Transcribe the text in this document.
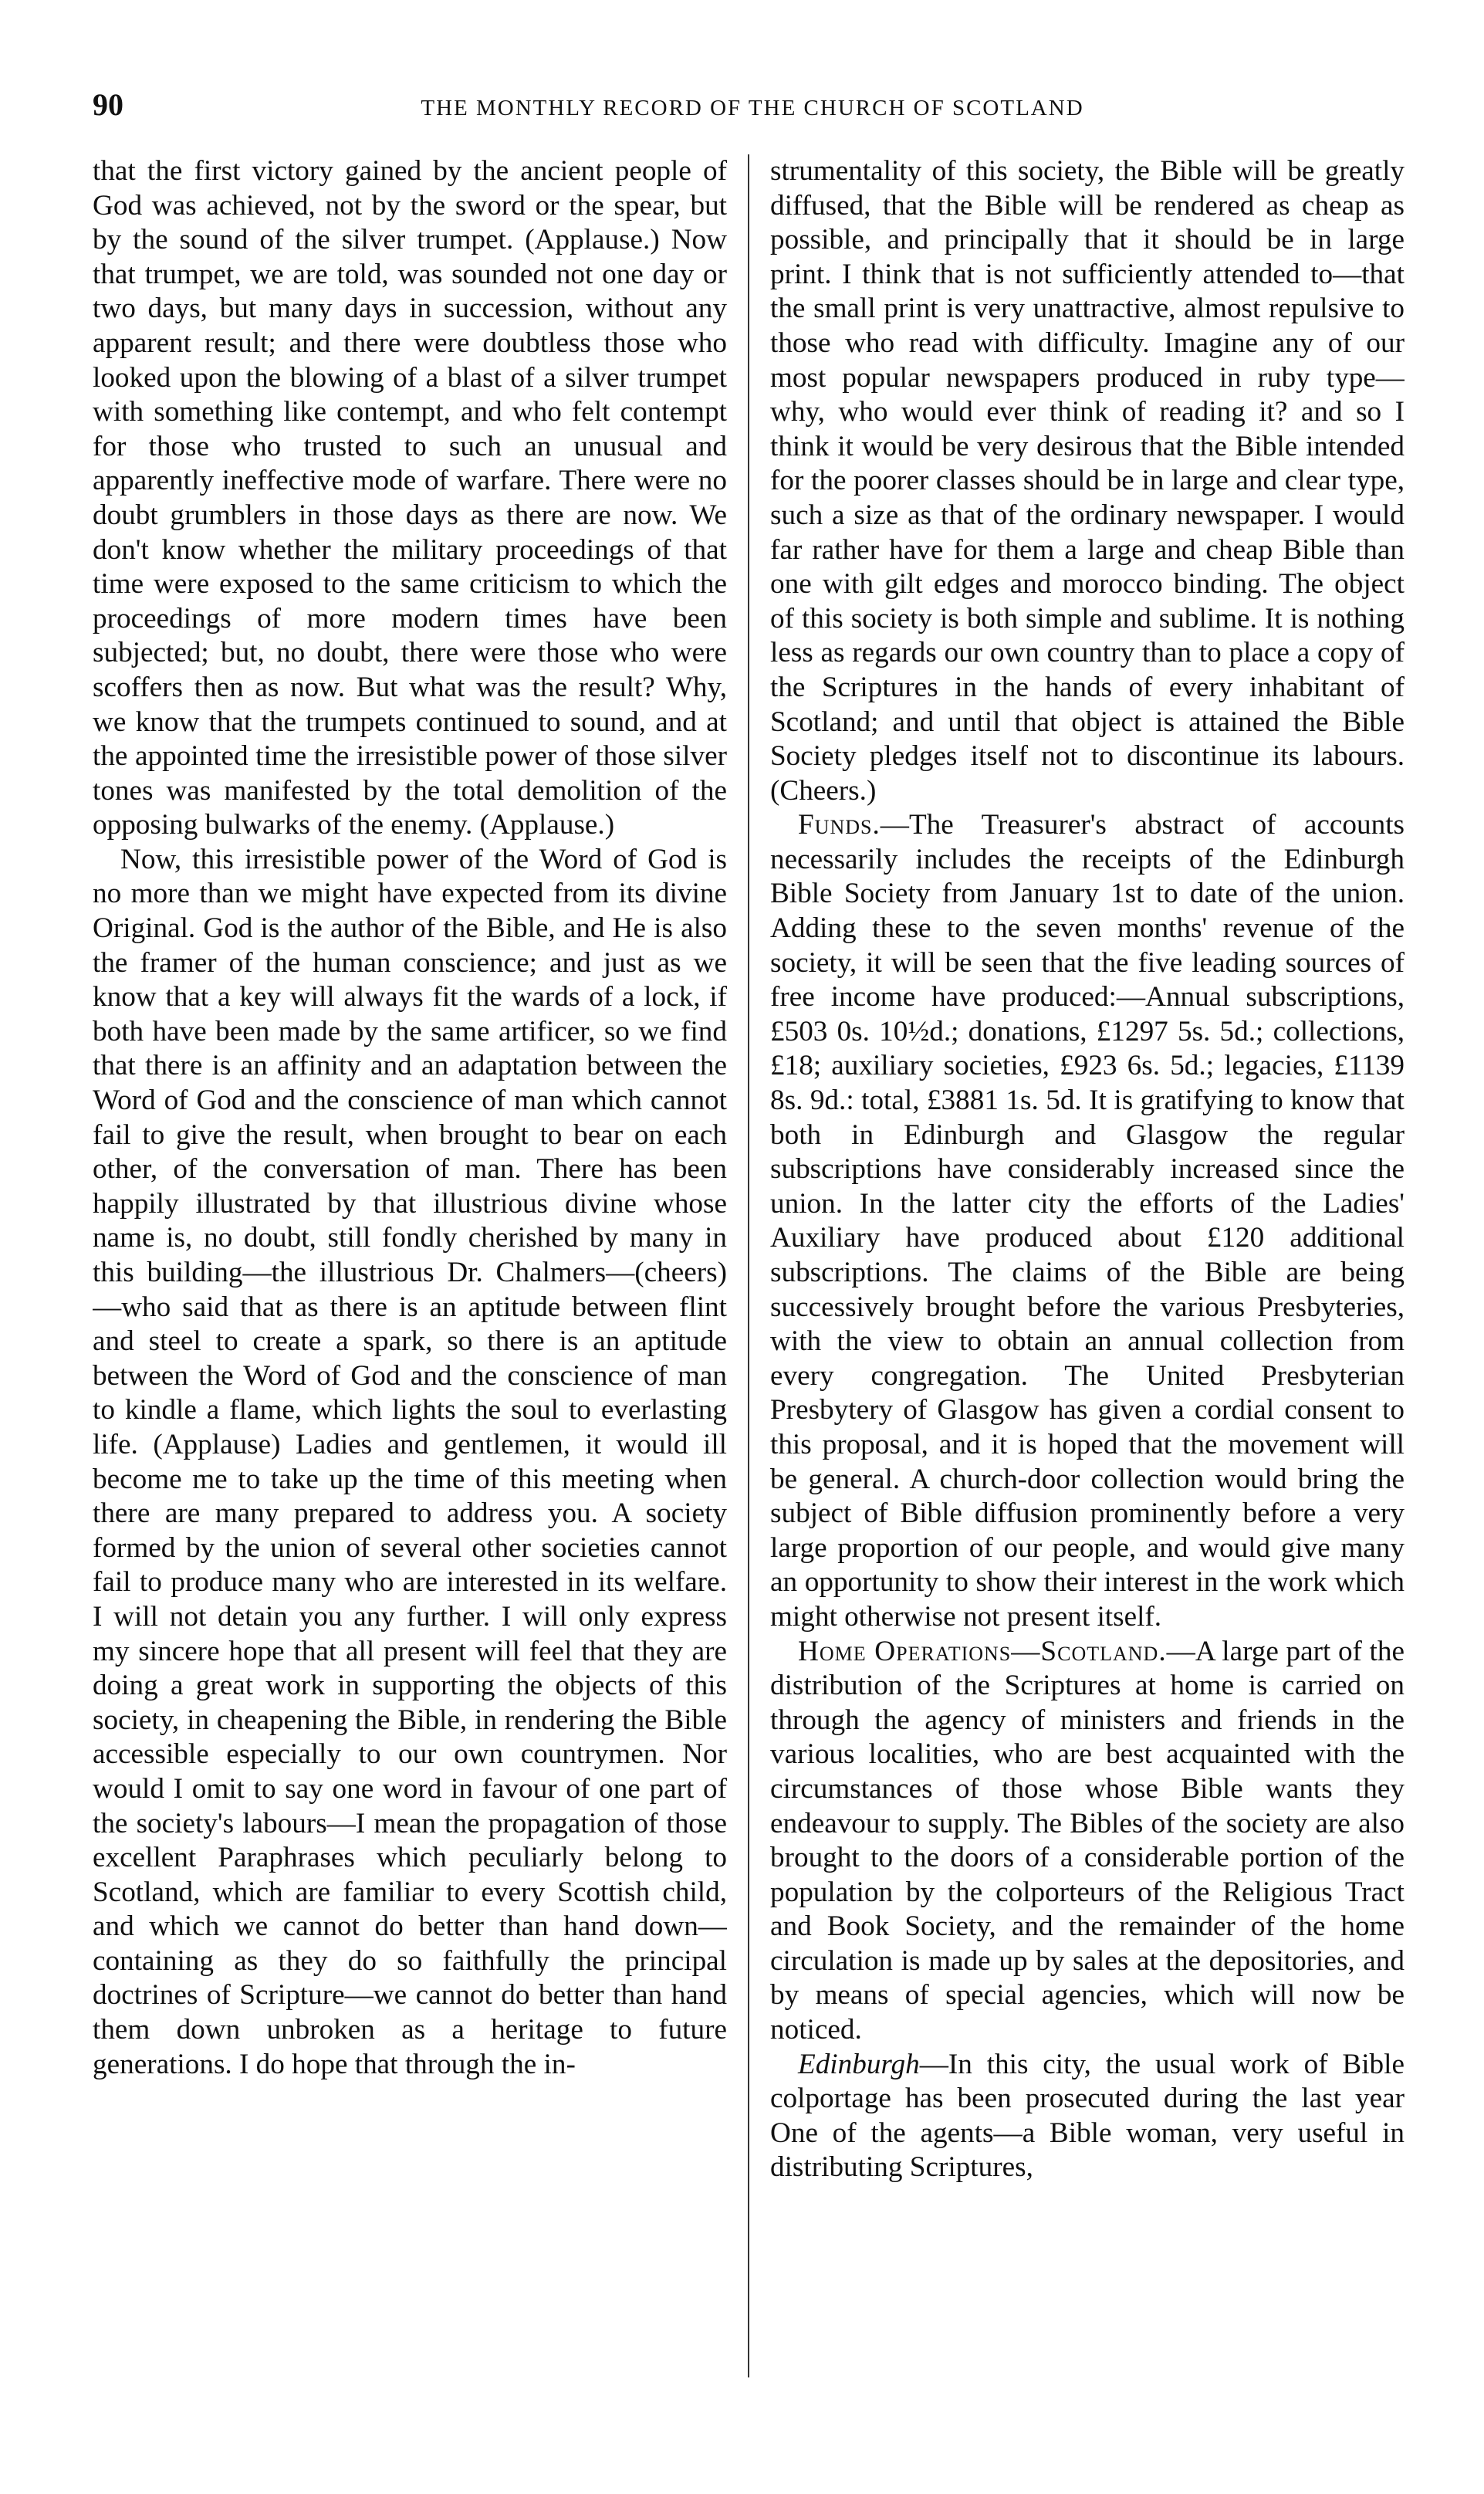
90	THE MONTHLY RECORD OF THE CHURCH OF SCOTLAND

that the first victory gained by the ancient people of God was achieved, not by the sword or the spear, but by the sound of the silver trumpet. (Applause.) Now that trumpet, we are told, was sounded not one day or two days, but many days in succession, without any apparent result; and there were doubtless those who looked upon the blowing of a blast of a silver trumpet with something like contempt, and who felt contempt for those who trusted to such an unusual and apparently ineffective mode of warfare. There were no doubt grumblers in those days as there are now. We don't know whether the military proceedings of that time were exposed to the same criticism to which the proceedings of more modern times have been subjected; but, no doubt, there were those who were scoffers then as now. But what was the result? Why, we know that the trumpets continued to sound, and at the appointed time the irresistible power of those silver tones was manifested by the total demolition of the opposing bulwarks of the enemy. (Applause.)

Now, this irresistible power of the Word of God is no more than we might have expected from its divine Original. God is the author of the Bible, and He is also the framer of the human conscience; and just as we know that a key will always fit the wards of a lock, if both have been made by the same artificer, so we find that there is an affinity and an adaptation between the Word of God and the conscience of man which cannot fail to give the result, when brought to bear on each other, of the conversation of man. There has been happily illustrated by that illustrious divine whose name is, no doubt, still fondly cherished by many in this building—the illustrious Dr. Chalmers—(cheers)—who said that as there is an aptitude between flint and steel to create a spark, so there is an aptitude between the Word of God and the conscience of man to kindle a flame, which lights the soul to everlasting life. (Applause) Ladies and gentlemen, it would ill become me to take up the time of this meeting when there are many prepared to address you. A society formed by the union of several other societies cannot fail to produce many who are interested in its welfare. I will not detain you any further. I will only express my sincere hope that all present will feel that they are doing a great work in supporting the objects of this society, in cheapening the Bible, in rendering the Bible accessible especially to our own countrymen. Nor would I omit to say one word in favour of one part of the society's labours—I mean the propagation of those excellent Paraphrases which peculiarly belong to Scotland, which are familiar to every Scottish child, and which we cannot do better than hand down—containing as they do so faithfully the principal doctrines of Scripture—we cannot do better than hand them down unbroken as a heritage to future generations. I do hope that through the in-

strumentality of this society, the Bible will be greatly diffused, that the Bible will be rendered as cheap as possible, and principally that it should be in large print. I think that is not sufficiently attended to—that the small print is very unattractive, almost repulsive to those who read with difficulty. Imagine any of our most popular newspapers produced in ruby type—why, who would ever think of reading it? and so I think it would be very desirous that the Bible intended for the poorer classes should be in large and clear type, such a size as that of the ordinary newspaper. I would far rather have for them a large and cheap Bible than one with gilt edges and morocco binding. The object of this society is both simple and sublime. It is nothing less as regards our own country than to place a copy of the Scriptures in the hands of every inhabitant of Scotland; and until that object is attained the Bible Society pledges itself not to discontinue its labours. (Cheers.)

Funds.—The Treasurer's abstract of accounts necessarily includes the receipts of the Edinburgh Bible Society from January 1st to date of the union. Adding these to the seven months' revenue of the society, it will be seen that the five leading sources of free income have produced:—Annual subscriptions, £503 0s. 10½d.; donations, £1297 5s. 5d.; collections, £18; auxiliary societies, £923 6s. 5d.; legacies, £1139 8s. 9d.: total, £3881 1s. 5d. It is gratifying to know that both in Edinburgh and Glasgow the regular subscriptions have considerably increased since the union. In the latter city the efforts of the Ladies' Auxiliary have produced about £120 additional subscriptions. The claims of the Bible are being successively brought before the various Presbyteries, with the view to obtain an annual collection from every congregation. The United Presbyterian Presbytery of Glasgow has given a cordial consent to this proposal, and it is hoped that the movement will be general. A church-door collection would bring the subject of Bible diffusion prominently before a very large proportion of our people, and would give many an opportunity to show their interest in the work which might otherwise not present itself.

Home Operations—Scotland.—A large part of the distribution of the Scriptures at home is carried on through the agency of ministers and friends in the various localities, who are best acquainted with the circumstances of those whose Bible wants they endeavour to supply. The Bibles of the society are also brought to the doors of a considerable portion of the population by the colporteurs of the Religious Tract and Book Society, and the remainder of the home circulation is made up by sales at the depositories, and by means of special agencies, which will now be noticed.

Edinburgh—In this city, the usual work of Bible colportage has been prosecuted during the last year One of the agents—a Bible woman, very useful in distributing Scriptures,
